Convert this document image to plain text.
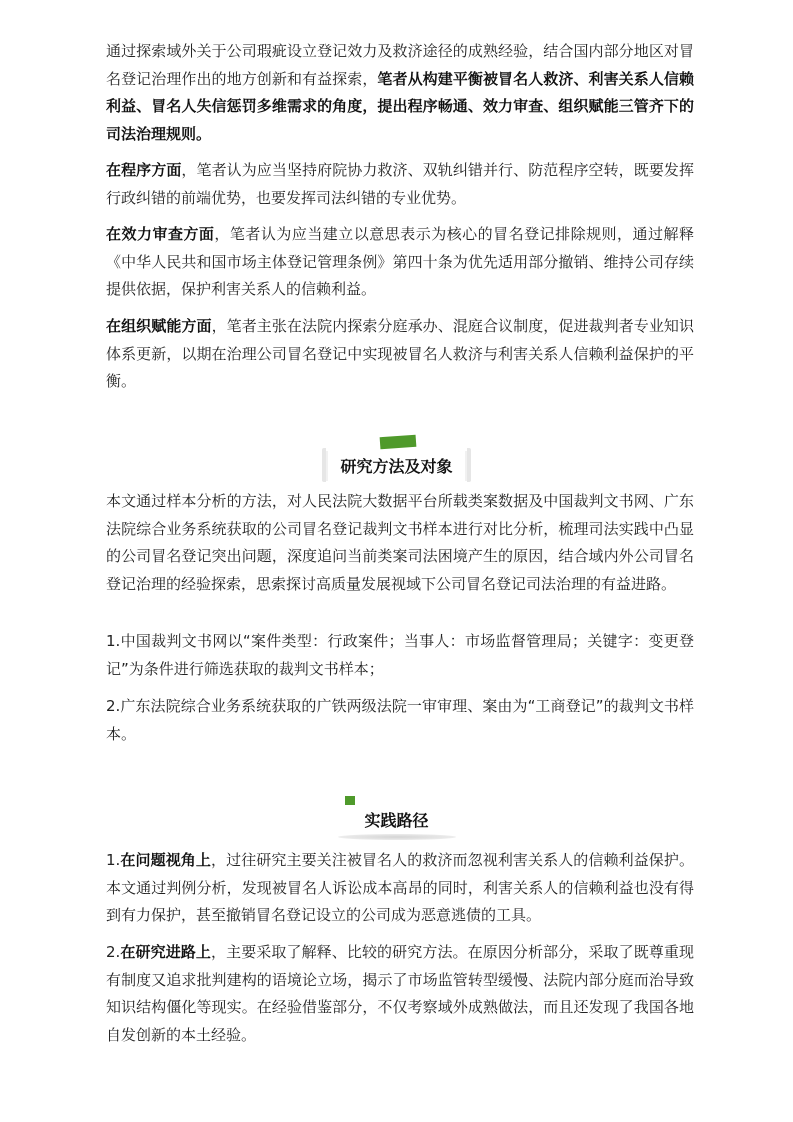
通过探索域外关于公司瑕疵设立登记效力及救济途径的成熟经验，结合国内部分地区对冒名登记治理作出的地方创新和有益探索，笔者从构建平衡被冒名人救济、利害关系人信赖利益、冒名人失信惩罚多维需求的角度，提出程序畅通、效力审查、组织赋能三管齐下的司法治理规则。

在程序方面，笔者认为应当坚持府院协力救济、双轨纠错并行、防范程序空转，既要发挥行政纠错的前端优势，也要发挥司法纠错的专业优势。

在效力审查方面，笔者认为应当建立以意思表示为核心的冒名登记排除规则，通过解释《中华人民共和国市场主体登记管理条例》第四十条为优先适用部分撤销、维持公司存续提供依据，保护利害关系人的信赖利益。

在组织赋能方面，笔者主张在法院内探索分庭承办、混庭合议制度，促进裁判者专业知识体系更新，以期在治理公司冒名登记中实现被冒名人救济与利害关系人信赖利益保护的平衡。

研究方法及对象

本文通过样本分析的方法，对人民法院大数据平台所载类案数据及中国裁判文书网、广东法院综合业务系统获取的公司冒名登记裁判文书样本进行对比分析，梳理司法实践中凸显的公司冒名登记突出问题，深度追问当前类案司法困境产生的原因，结合域内外公司冒名登记治理的经验探索，思索探讨高质量发展视域下公司冒名登记司法治理的有益进路。

1.中国裁判文书网以“案件类型：行政案件；当事人：市场监督管理局；关键字：变更登记”为条件进行筛选获取的裁判文书样本；

2.广东法院综合业务系统获取的广铁两级法院一审审理、案由为“工商登记”的裁判文书样本。

实践路径

1.在问题视角上，过往研究主要关注被冒名人的救济而忽视利害关系人的信赖利益保护。本文通过判例分析，发现被冒名人诉讼成本高昂的同时，利害关系人的信赖利益也没有得到有力保护，甚至撤销冒名登记设立的公司成为恶意逃债的工具。

2.在研究进路上，主要采取了解释、比较的研究方法。在原因分析部分，采取了既尊重现有制度又追求批判建构的语境论立场，揭示了市场监管转型缓慢、法院内部分庭而治导致知识结构僵化等现实。在经验借鉴部分，不仅考察域外成熟做法，而且还发现了我国各地自发创新的本土经验。
